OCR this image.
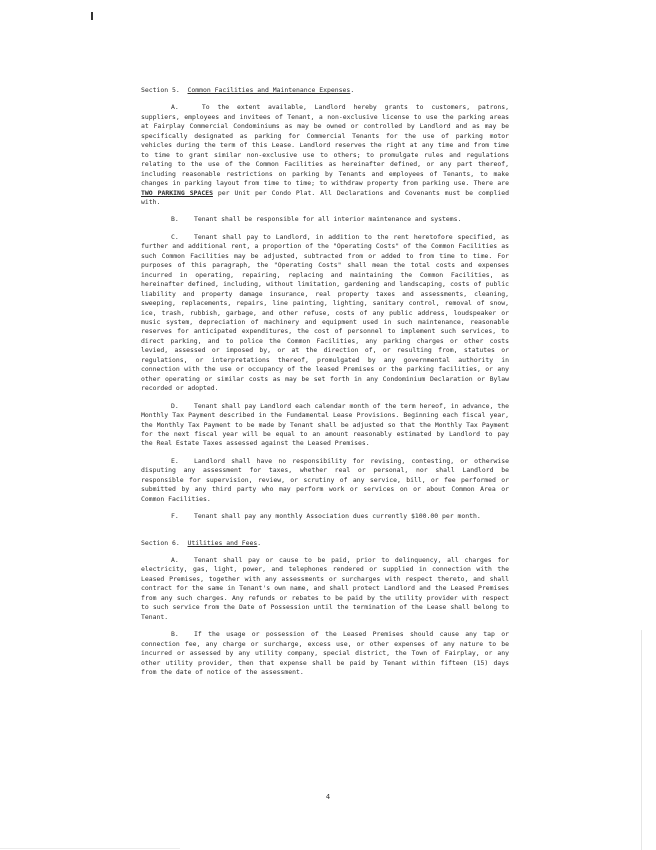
Section 5. Common Facilities and Maintenance Expenses.

A.	To the extent available, Landlord hereby grants to customers, patrons, suppliers, employees and invitees of Tenant, a non-exclusive license to use the parking areas at Fairplay Commercial Condominiums as may be owned or controlled by Landlord and as may be specifically designated as parking for Commercial Tenants for the use of parking motor vehicles during the term of this Lease. Landlord reserves the right at any time and from time to time to grant similar non-exclusive use to others; to promulgate rules and regulations relating to the use of the Common Facilities as hereinafter defined, or any part thereof, including reasonable restrictions on parking by Tenants and employees of Tenants, to make changes in parking layout from time to time; to withdraw property from parking use. There are TWO PARKING SPACES per Unit per Condo Plat. All Declarations and Covenants must be complied with.

B. Tenant shall be responsible for all interior maintenance and systems.

C. Tenant shall pay to Landlord, in addition to the rent heretofore specified, as further and additional rent, a proportion of the "Operating Costs" of the Common Facilities as such Common Facilities may be adjusted, subtracted from or added to from time to time. For purposes of this paragraph, the "Operating Costs" shall mean the total costs and expenses incurred in operating, repairing, replacing and maintaining the Common Facilities, as hereinafter defined, including, without limitation, gardening and landscaping, costs of public liability and property damage insurance, real property taxes and assessments, cleaning, sweeping, replacements, repairs, line painting, lighting, sanitary control, removal of snow, ice, trash, rubbish, garbage, and other refuse, costs of any public address, loudspeaker or music system, depreciation of machinery and equipment used in such maintenance, reasonable reserves for anticipated expenditures, the cost of personnel to implement such services, to direct parking, and to police the Common Facilities, any parking charges or other costs levied, assessed or imposed by, or at the direction of, or resulting from, statutes or regulations, or interpretations thereof, promulgated by any governmental authority in connection with the use or occupancy of the leased Premises or the parking facilities, or any other operating or similar costs as may be set forth in any Condominium Declaration or Bylaw recorded or adopted.

D. Tenant shall pay Landlord each calendar month of the term hereof, in advance, the Monthly Tax Payment described in the Fundamental Lease Provisions. Beginning each fiscal year, the Monthly Tax Payment to be made by Tenant shall be adjusted so that the Monthly Tax Payment for the next fiscal year will be equal to an amount reasonably estimated by Landlord to pay the Real Estate Taxes assessed against the Leased Premises.

E. Landlord shall have no responsibility for revising, contesting, or otherwise disputing any assessment for taxes, whether real or personal, nor shall Landlord be responsible for supervision, review, or scrutiny of any service, bill, or fee performed or submitted by any third party who may perform work or services on or about Common Area or Common Facilities.

F. Tenant shall pay any monthly Association dues currently $100.00 per month.

Section 6. Utilities and Fees.

A. Tenant shall pay or cause to be paid, prior to delinquency, all charges for electricity, gas, light, power, and telephones rendered or supplied in connection with the Leased Premises, together with any assessments or surcharges with respect thereto, and shall contract for the same in Tenant's own name, and shall protect Landlord and the Leased Premises from any such charges. Any refunds or rebates to be paid by the utility provider with respect to such service from the Date of Possession until the termination of the Lease shall belong to Tenant.

B. If the usage or possession of the Leased Premises should cause any tap or connection fee, any charge or surcharge, excess use, or other expenses of any nature to be incurred or assessed by any utility company, special district, the Town of Fairplay, or any other utility provider, then that expense shall be paid by Tenant within fifteen (15) days from the date of notice of the assessment.

4
